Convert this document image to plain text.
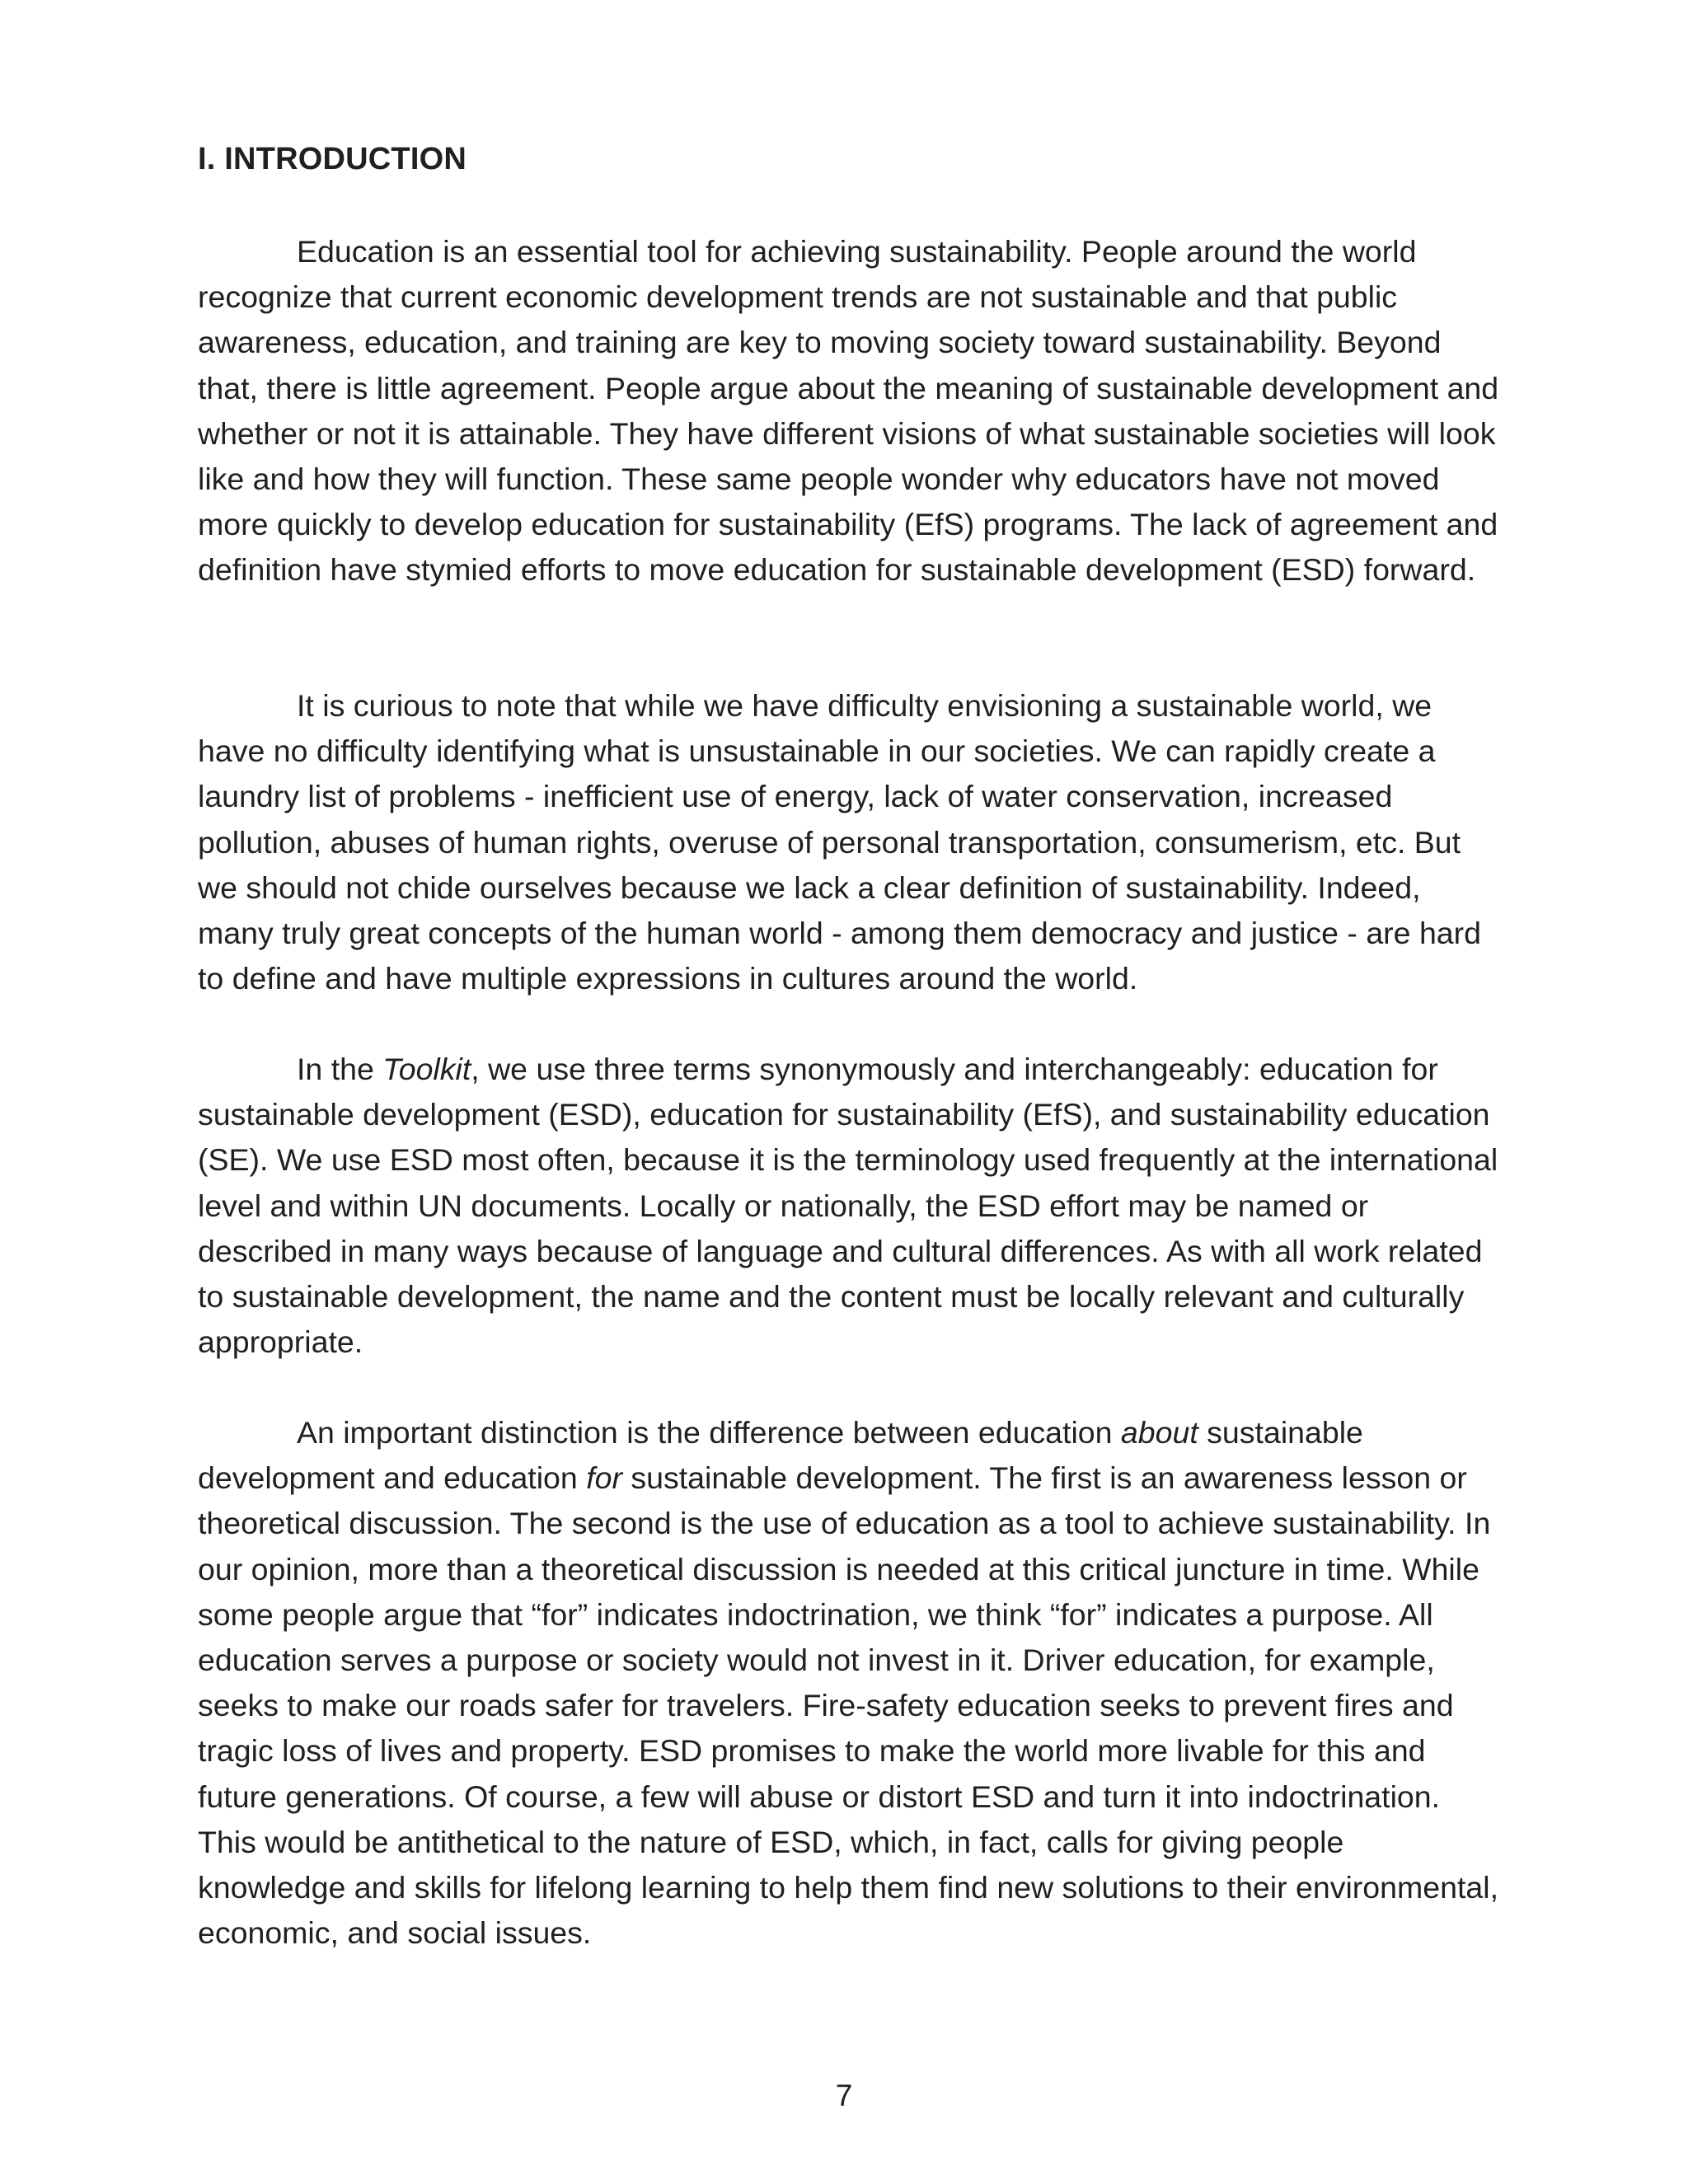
I. INTRODUCTION

Education is an essential tool for achieving sustainability. People around the world recognize that current economic development trends are not sustainable and that public awareness, education, and training are key to moving society toward sustainability. Beyond that, there is little agreement. People argue about the meaning of sustainable development and whether or not it is attainable. They have different visions of what sustainable societies will look like and how they will function. These same people wonder why educators have not moved more quickly to develop education for sustainability (EfS) programs. The lack of agreement and definition have stymied efforts to move education for sustainable development (ESD) forward.

It is curious to note that while we have difficulty envisioning a sustainable world, we have no difficulty identifying what is unsustainable in our societies. We can rapidly create a laundry list of problems - inefficient use of energy, lack of water conservation, increased pollution, abuses of human rights, overuse of personal transportation, consumerism, etc. But we should not chide ourselves because we lack a clear definition of sustainability. Indeed, many truly great concepts of the human world - among them democracy and justice - are hard to define and have multiple expressions in cultures around the world.

In the Toolkit, we use three terms synonymously and interchangeably: education for sustainable development (ESD), education for sustainability (EfS), and sustainability education (SE). We use ESD most often, because it is the terminology used frequently at the international level and within UN documents. Locally or nationally, the ESD effort may be named or described in many ways because of language and cultural differences. As with all work related to sustainable development, the name and the content must be locally relevant and culturally appropriate.

An important distinction is the difference between education about sustainable development and education for sustainable development. The first is an awareness lesson or theoretical discussion. The second is the use of education as a tool to achieve sustainability. In our opinion, more than a theoretical discussion is needed at this critical juncture in time. While some people argue that “for” indicates indoctrination, we think “for” indicates a purpose. All education serves a purpose or society would not invest in it. Driver education, for example, seeks to make our roads safer for travelers. Fire-safety education seeks to prevent fires and tragic loss of lives and property. ESD promises to make the world more livable for this and future generations. Of course, a few will abuse or distort ESD and turn it into indoctrination. This would be antithetical to the nature of ESD, which, in fact, calls for giving people knowledge and skills for lifelong learning to help them find new solutions to their environmental, economic, and social issues.

7
